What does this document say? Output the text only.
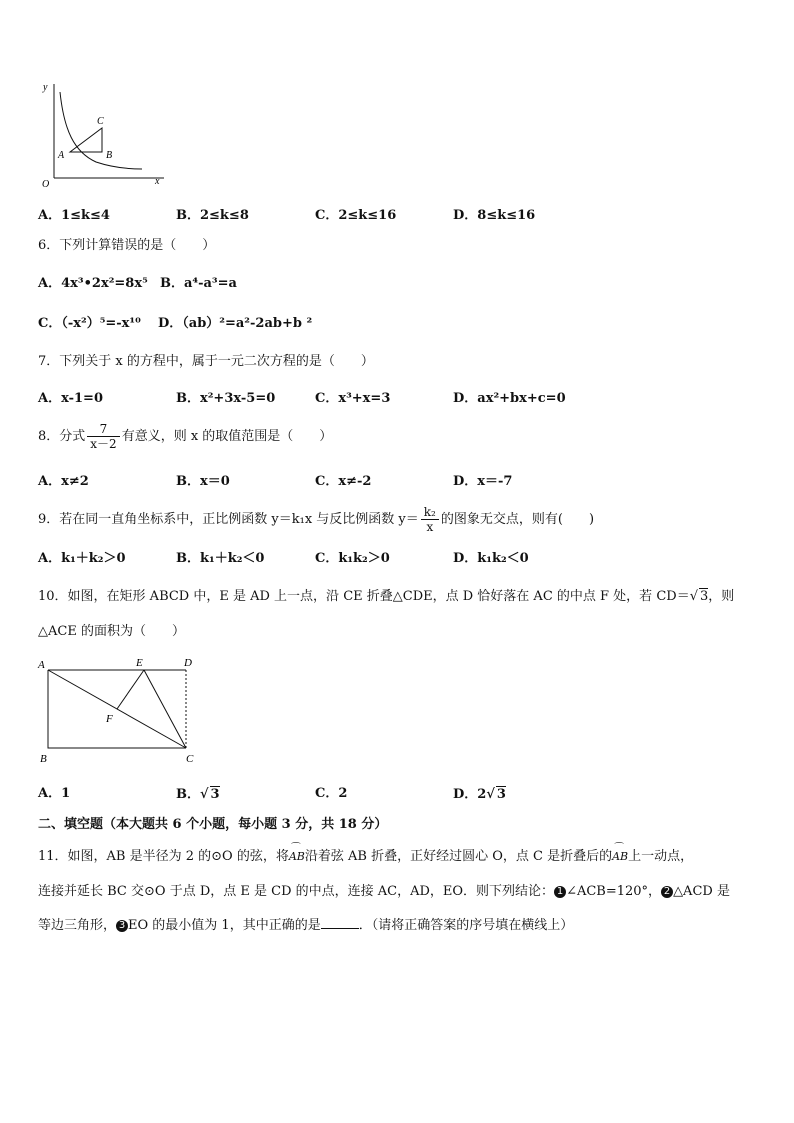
y
C
A	B
O	x
A．1≤k≤4	B．2≤k≤8	C．2≤k≤16	D．8≤k≤16
6．下列计算错误的是（　　）
A．4x³•2x²=8x⁵ B．a⁴-a³=a
C．（-x²）⁵=-x¹⁰ D．（ab）²=a²-2ab+b ²
7．下列关于 x 的方程中，属于一元二次方程的是（　　）
A．x-1=0	B．x²+3x-5=0	C．x³+x=3	D．ax²+bx+c=0
8．分式 $\frac{7}{x-2}$ 有意义，则 x 的取值范围是（　　）
A．x≠2	B．x＝0	C．x≠-2	D．x＝-7
9．若在同一直角坐标系中，正比例函数 y＝k₁x 与反比例函数 $y= \frac{\text{k₂}}{x}$ 的图象无交点，则有(　　)
A．k₁＋k₂＞0	B．k₁＋k₂＜0	C．k₁k₂＞0	D．k₁k₂＜0
10．如图，在矩形 ABCD 中，E 是 AD 上一点，沿 CE 折叠△CDE，点 D 恰好落在 AC 的中点 F 处，若 CD＝√ 3，则
△ACE 的面积为（　　）
A	E	D
F
B	C
A．1	B．√ 3	C．2	D．2√ 3
二、填空题（本大题共 6 个小题，每小题 3 分，共 18 分）
11．如图，AB 是半径为 2 的⊙O 的弦，将⌒ AB沿着弦 AB 折叠，正好经过圆心 O，点 C 是折叠后的⌒ AB上一动点，
连接并延长 BC 交⊙O 于点 D，点 E 是 CD 的中点，连接 AC，AD，EO．则下列结论： 1 ∠ACB=120°， 2 △ACD 是
等边三角形， 3 EO 的最小值为 1，其中正确的是	．（请将正确答案的序号填在横线上）
